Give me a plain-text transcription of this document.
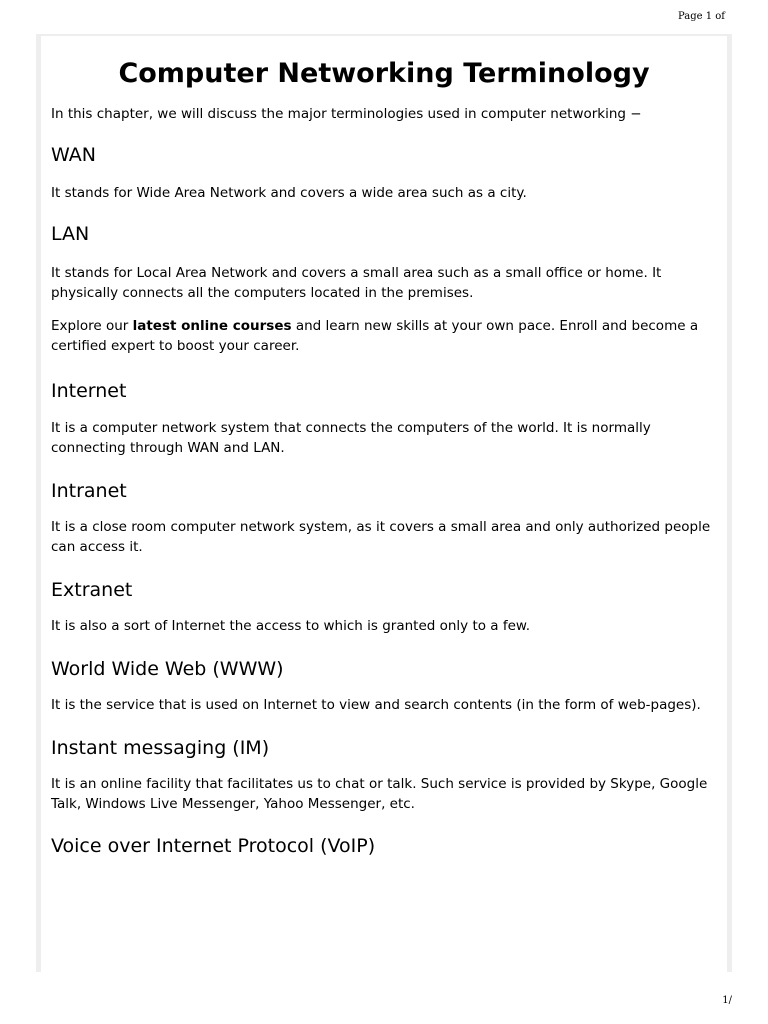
Page 1 of
Computer Networking Terminology

In this chapter, we will discuss the major terminologies used in computer networking −

WAN

It stands for Wide Area Network and covers a wide area such as a city.

LAN

It stands for Local Area Network and covers a small area such as a small office or home. It physically connects all the computers located in the premises.

Explore our latest online courses and learn new skills at your own pace. Enroll and become a certified expert to boost your career.

Internet

It is a computer network system that connects the computers of the world. It is normally connecting through WAN and LAN.

Intranet

It is a close room computer network system, as it covers a small area and only authorized people can access it.

Extranet

It is also a sort of Internet the access to which is granted only to a few.

World Wide Web (WWW)

It is the service that is used on Internet to view and search contents (in the form of web-pages).

Instant messaging (IM)

It is an online facility that facilitates us to chat or talk. Such service is provided by Skype, Google Talk, Windows Live Messenger, Yahoo Messenger, etc.

Voice over Internet Protocol (VoIP)
1/
